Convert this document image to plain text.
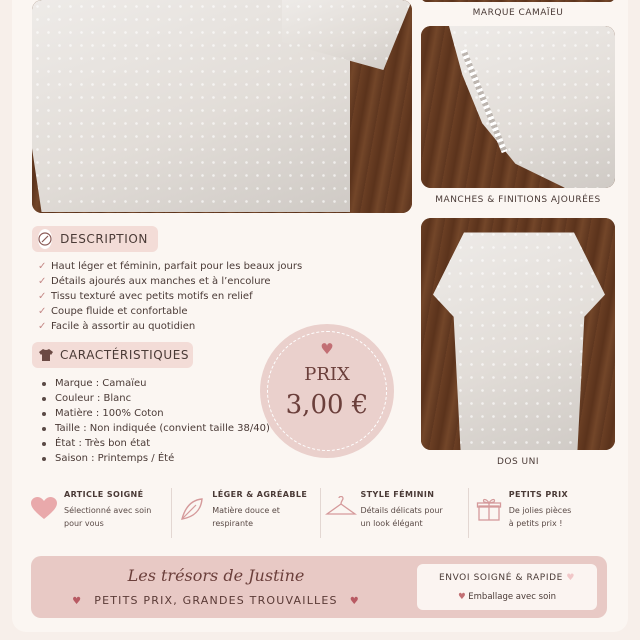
MARQUE CAMAÏEU
MANCHES & FINITIONS AJOURÉES
DOS UNI
DESCRIPTION
✓ Haut léger et féminin, parfait pour les beaux jours
✓ Détails ajourés aux manches et à l’encolure
✓ Tissu texturé avec petits motifs en relief
✓ Coupe fluide et confortable
✓ Facile à assortir au quotidien
CARACTÉRISTIQUES
Marque : Camaïeu
Couleur : Blanc
Matière : 100% Coton
Taille : Non indiquée (convient taille 38/40)
État : Très bon état
Saison : Printemps / Été
♥
PRIX
3,00 €
ARTICLE SOIGNÉ
Sélectionné avec soin
pour vous
LÉGER & AGRÉABLE
Matière douce et
respirante
STYLE FÉMININ
Détails délicats pour
un look élégant
PETITS PRIX
De jolies pièces
à petits prix !
Les trésors de Justine
♥ PETITS PRIX, GRANDES TROUVAILLES ♥
ENVOI SOIGNÉ & RAPIDE ♥
♥ Emballage avec soin
